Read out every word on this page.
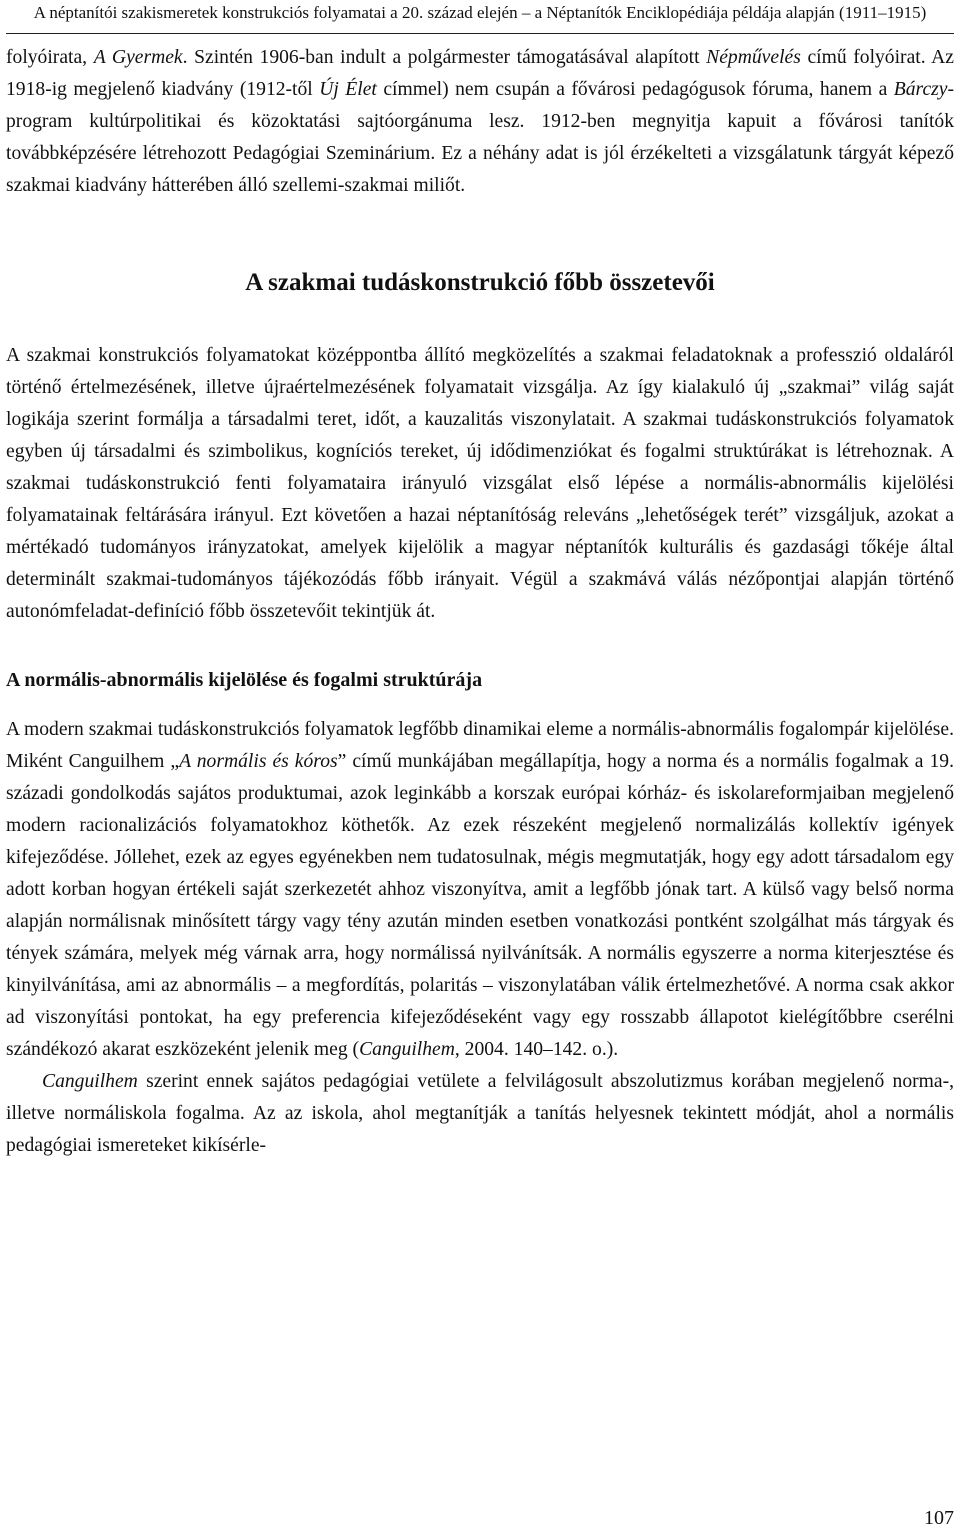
A néptanítói szakismeretek konstrukciós folyamatai a 20. század elején – a Néptanítók Enciklopédiája példája alapján (1911–1915)

folyóirata, A Gyermek. Szintén 1906-ban indult a polgármester támogatásával alapított Népművelés című folyóirat. Az 1918-ig megjelenő kiadvány (1912-től Új Élet címmel) nem csupán a fővárosi pedagógusok fóruma, hanem a Bárczy-program kultúrpolitikai és közoktatási sajtóorgánuma lesz. 1912-ben megnyitja kapuit a fővárosi tanítók továbbképzésére létrehozott Pedagógiai Szeminárium. Ez a néhány adat is jól érzékelteti a vizsgálatunk tárgyát képező szakmai kiadvány hátterében álló szellemi-szakmai miliőt.

A szakmai tudáskonstrukció főbb összetevői

A szakmai konstrukciós folyamatokat középpontba állító megközelítés a szakmai feladatoknak a professzió oldaláról történő értelmezésének, illetve újraértelmezésének folyamatait vizsgálja. Az így kialakuló új „szakmai” világ saját logikája szerint formálja a társadalmi teret, időt, a kauzalitás viszonylatait. A szakmai tudáskonstrukciós folyamatok egyben új társadalmi és szimbolikus, kogníciós tereket, új idődimenziókat és fogalmi struktúrákat is létrehoznak. A szakmai tudáskonstrukció fenti folyamataira irányuló vizsgálat első lépése a normális-abnormális kijelölési folyamatainak feltárására irányul. Ezt követően a hazai néptanítóság releváns „lehetőségek terét” vizsgáljuk, azokat a mértékadó tudományos irányzatokat, amelyek kijelölik a magyar néptanítók kulturális és gazdasági tőkéje által determinált szakmai-tudományos tájékozódás főbb irányait. Végül a szakmává válás nézőpontjai alapján történő autonómfeladat-definíció főbb összetevőit tekintjük át.

A normális-abnormális kijelölése és fogalmi struktúrája

A modern szakmai tudáskonstrukciós folyamatok legfőbb dinamikai eleme a normális-abnormális fogalompár kijelölése. Miként Canguilhem „A normális és kóros” című munkájában megállapítja, hogy a norma és a normális fogalmak a 19. századi gondolkodás sajátos produktumai, azok leginkább a korszak európai kórház- és iskolareformjaiban megjelenő modern racionalizációs folyamatokhoz köthetők. Az ezek részeként megjelenő normalizálás kollektív igények kifejeződése. Jóllehet, ezek az egyes egyénekben nem tudatosulnak, mégis megmutatják, hogy egy adott társadalom egy adott korban hogyan értékeli saját szerkezetét ahhoz viszonyítva, amit a legfőbb jónak tart. A külső vagy belső norma alapján normálisnak minősített tárgy vagy tény azután minden esetben vonatkozási pontként szolgálhat más tárgyak és tények számára, melyek még várnak arra, hogy normálissá nyilvánítsák. A normális egyszerre a norma kiterjesztése és kinyilvánítása, ami az abnormális – a megfordítás, polaritás – viszonylatában válik értelmezhetővé. A norma csak akkor ad viszonyítási pontokat, ha egy preferencia kifejeződéseként vagy egy rosszabb állapotot kielégítőbbre cserélni szándékozó akarat eszközeként jelenik meg (Canguilhem, 2004. 140–142. o.).

Canguilhem szerint ennek sajátos pedagógiai vetülete a felvilágosult abszolutizmus korában megjelenő norma-, illetve normáliskola fogalma. Az az iskola, ahol megtanítják a tanítás helyesnek tekintett módját, ahol a normális pedagógiai ismereteket kikísérle-

107
